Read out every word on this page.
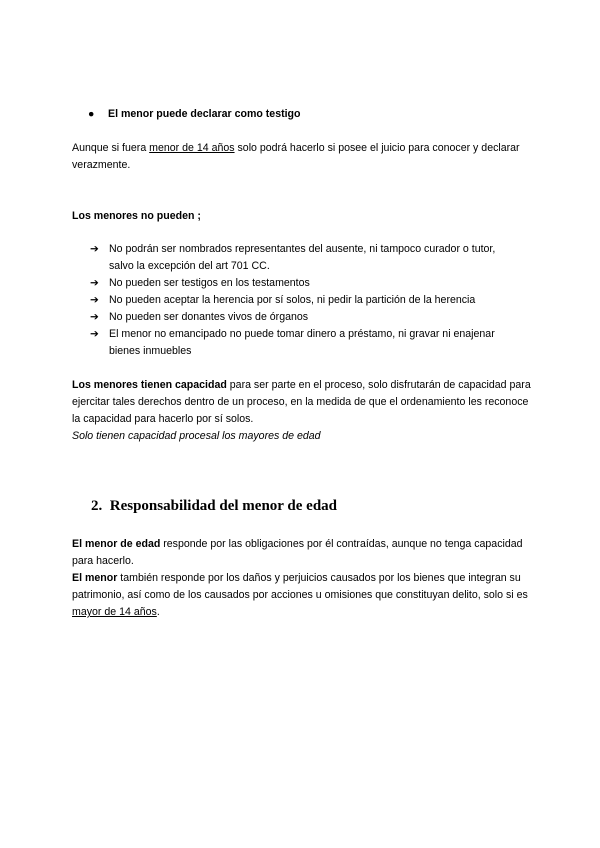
● El menor puede declarar como testigo

Aunque si fuera menor de 14 años solo podrá hacerlo si posee el juicio para conocer y declarar verazmente.

Los menores no pueden ;

➔ No podrán ser nombrados representantes del ausente, ni tampoco curador o tutor, salvo la excepción del art 701 CC.
➔ No pueden ser testigos en los testamentos
➔ No pueden aceptar la herencia por sí solos, ni pedir la partición de la herencia
➔ No pueden ser donantes vivos de órganos
➔ El menor no emancipado no puede tomar dinero a préstamo, ni gravar ni enajenar bienes inmuebles

Los menores tienen capacidad para ser parte en el proceso, solo disfrutarán de capacidad para ejercitar tales derechos dentro de un proceso, en la medida de que el ordenamiento les reconoce la capacidad para hacerlo por sí solos.

Solo tienen capacidad procesal los mayores de edad

2. Responsabilidad del menor de edad

El menor de edad responde por las obligaciones por él contraídas, aunque no tenga capacidad para hacerlo.

El menor también responde por los daños y perjuicios causados por los bienes que integran su patrimonio, así como de los causados por acciones u omisiones que constituyan delito, solo si es mayor de 14 años.
